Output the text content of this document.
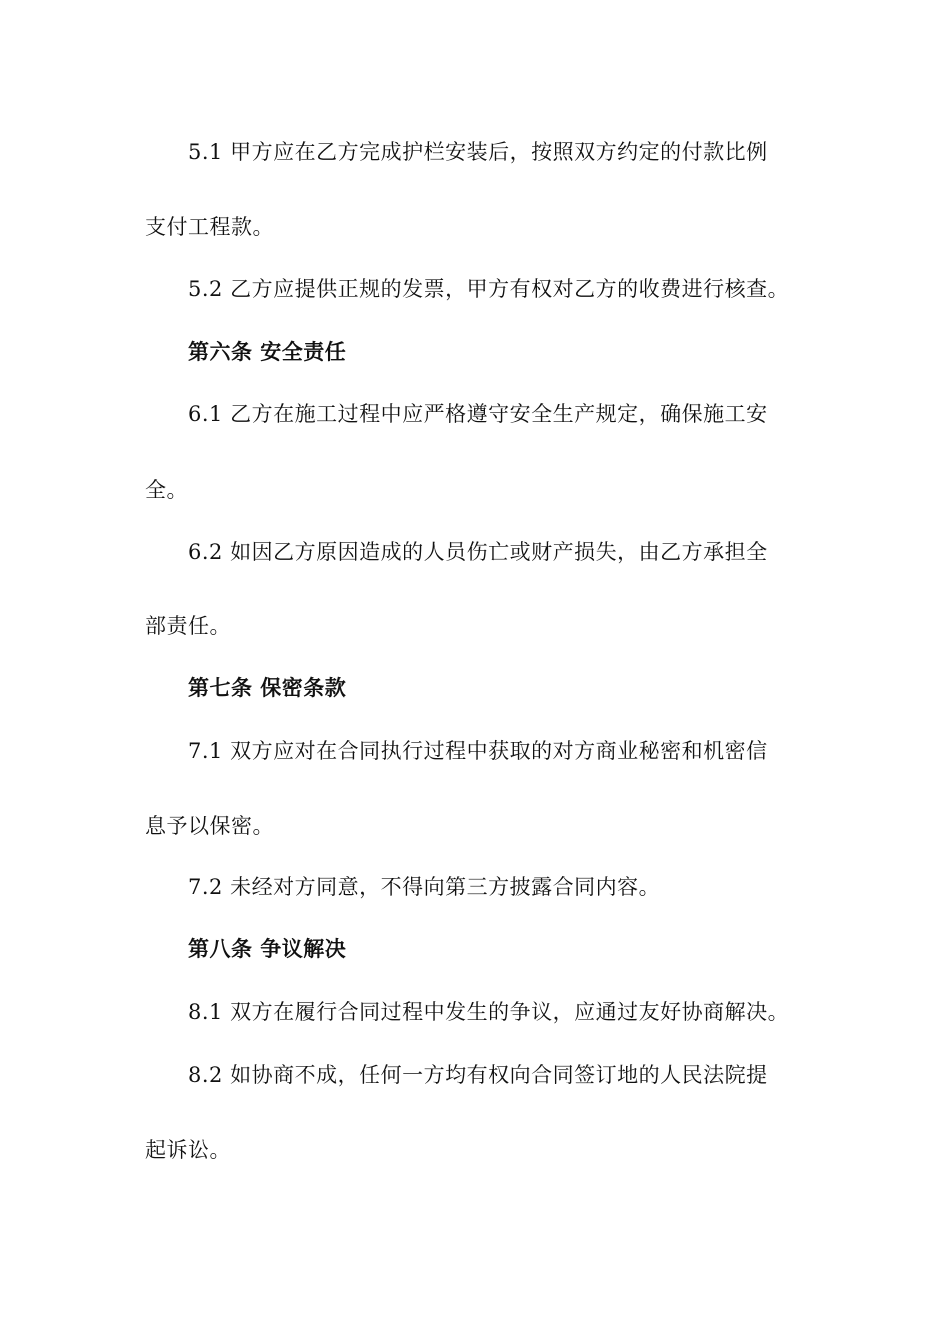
5.1 甲方应在乙方完成护栏安装后，按照双方约定的付款比例
支付工程款。
5.2 乙方应提供正规的发票，甲方有权对乙方的收费进行核查。
第六条 安全责任
6.1 乙方在施工过程中应严格遵守安全生产规定，确保施工安
全。
6.2 如因乙方原因造成的人员伤亡或财产损失，由乙方承担全
部责任。
第七条 保密条款
7.1 双方应对在合同执行过程中获取的对方商业秘密和机密信
息予以保密。
7.2 未经对方同意，不得向第三方披露合同内容。
第八条 争议解决
8.1 双方在履行合同过程中发生的争议，应通过友好协商解决。
8.2 如协商不成，任何一方均有权向合同签订地的人民法院提
起诉讼。
